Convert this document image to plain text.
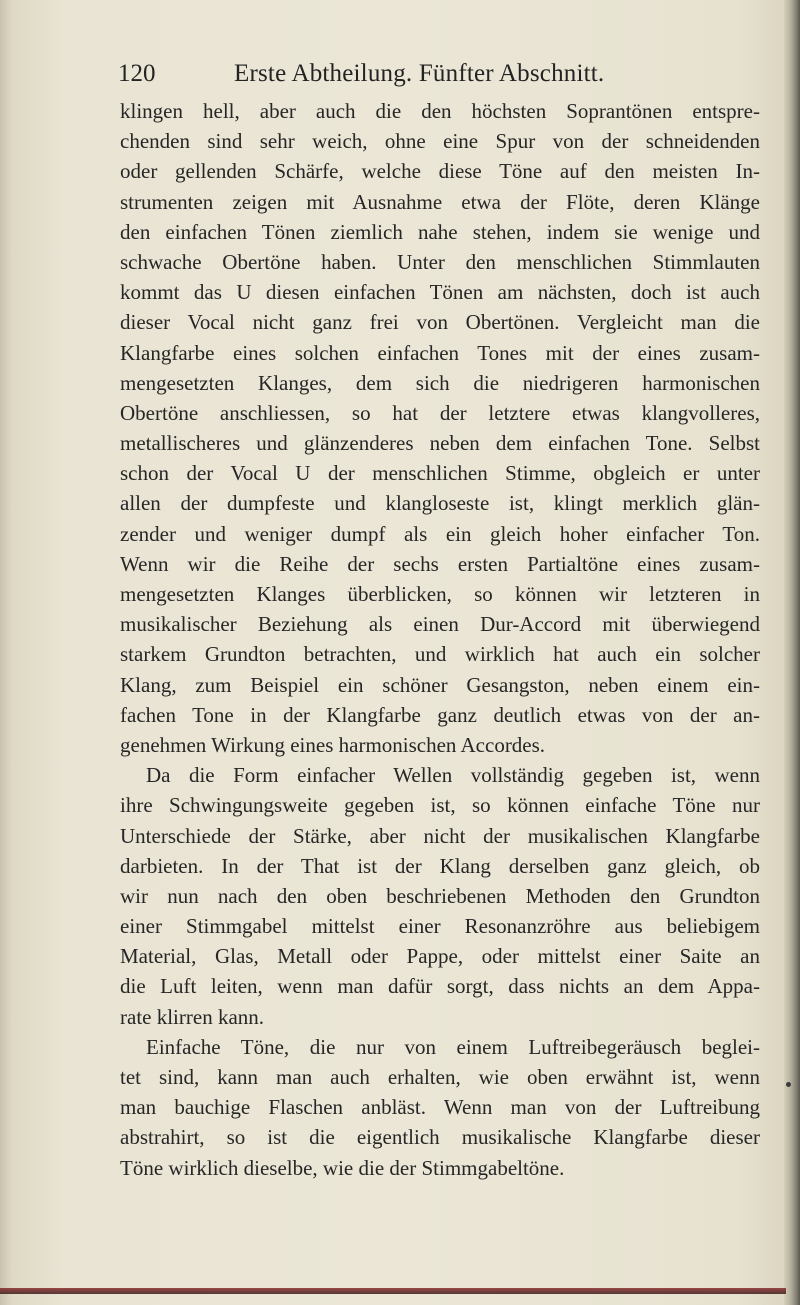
120	Erste Abtheilung. Fünfter Abschnitt.
klingen hell, aber auch die den höchsten Soprantönen entspre-
chenden sind sehr weich, ohne eine Spur von der schneidenden
oder gellenden Schärfe, welche diese Töne auf den meisten In-
strumenten zeigen mit Ausnahme etwa der Flöte, deren Klänge
den einfachen Tönen ziemlich nahe stehen, indem sie wenige und
schwache Obertöne haben. Unter den menschlichen Stimmlauten
kommt das U diesen einfachen Tönen am nächsten, doch ist auch
dieser Vocal nicht ganz frei von Obertönen. Vergleicht man die
Klangfarbe eines solchen einfachen Tones mit der eines zusam-
mengesetzten Klanges, dem sich die niedrigeren harmonischen
Obertöne anschliessen, so hat der letztere etwas klangvolleres,
metallischeres und glänzenderes neben dem einfachen Tone. Selbst
schon der Vocal U der menschlichen Stimme, obgleich er unter
allen der dumpfeste und klangloseste ist, klingt merklich glän-
zender und weniger dumpf als ein gleich hoher einfacher Ton.
Wenn wir die Reihe der sechs ersten Partialtöne eines zusam-
mengesetzten Klanges überblicken, so können wir letzteren in
musikalischer Beziehung als einen Dur-Accord mit überwiegend
starkem Grundton betrachten, und wirklich hat auch ein solcher
Klang, zum Beispiel ein schöner Gesangston, neben einem ein-
fachen Tone in der Klangfarbe ganz deutlich etwas von der an-
genehmen Wirkung eines harmonischen Accordes.
Da die Form einfacher Wellen vollständig gegeben ist, wenn
ihre Schwingungsweite gegeben ist, so können einfache Töne nur
Unterschiede der Stärke, aber nicht der musikalischen Klangfarbe
darbieten. In der That ist der Klang derselben ganz gleich, ob
wir nun nach den oben beschriebenen Methoden den Grundton
einer Stimmgabel mittelst einer Resonanzröhre aus beliebigem
Material, Glas, Metall oder Pappe, oder mittelst einer Saite an
die Luft leiten, wenn man dafür sorgt, dass nichts an dem Appa-
rate klirren kann.
Einfache Töne, die nur von einem Luftreibegeräusch beglei-
tet sind, kann man auch erhalten, wie oben erwähnt ist, wenn
man bauchige Flaschen anbläst. Wenn man von der Luftreibung
abstrahirt, so ist die eigentlich musikalische Klangfarbe dieser
Töne wirklich dieselbe, wie die der Stimmgabeltöne.
